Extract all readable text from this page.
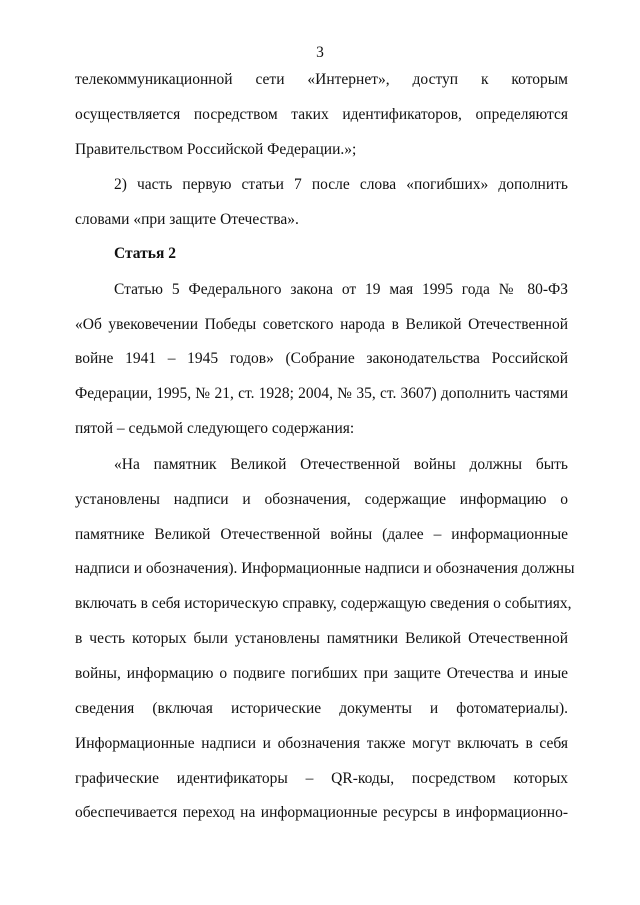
3
телекоммуникационной сети «Интернет», доступ к которым
осуществляется посредством таких идентификаторов, определяются
Правительством Российской Федерации.»;
2) часть первую статьи 7 после слова «погибших» дополнить
словами «при защите Отечества».
Статья 2
Статью 5 Федерального закона от 19 мая 1995 года № 80-ФЗ
«Об увековечении Победы советского народа в Великой Отечественной
войне 1941 – 1945 годов» (Собрание законодательства Российской
Федерации, 1995, № 21, ст. 1928; 2004, № 35, ст. 3607) дополнить частями
пятой – седьмой следующего содержания:
«На памятник Великой Отечественной войны должны быть
установлены надписи и обозначения, содержащие информацию о
памятнике Великой Отечественной войны (далее – информационные
надписи и обозначения). Информационные надписи и обозначения должны
включать в себя историческую справку, содержащую сведения о событиях,
в честь которых были установлены памятники Великой Отечественной
войны, информацию о подвиге погибших при защите Отечества и иные
сведения (включая исторические документы и фотоматериалы).
Информационные надписи и обозначения также могут включать в себя
графические идентификаторы – QR-коды, посредством которых
обеспечивается переход на информационные ресурсы в информационно-
